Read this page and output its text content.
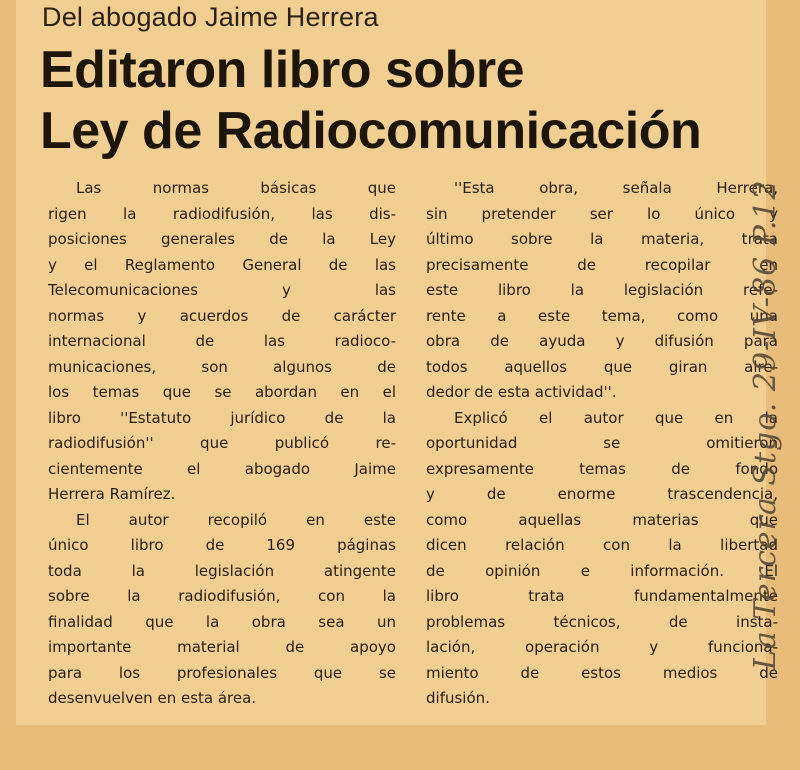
Del abogado Jaime Herrera
Editaron libro sobre
Ley de Radiocomunicación

Las normas básicas que

rigen la radiodifusión, las dis-

posiciones generales de la Ley

y el Reglamento General de las

Telecomunicaciones y las

normas y acuerdos de carácter

internacional de las radioco-

municaciones, son algunos de

los temas que se abordan en el

libro ''Estatuto jurídico de la

radiodifusión'' que publicó re-

cientemente el abogado Jaime

Herrera Ramírez.

El autor recopiló en este

único libro de 169 páginas

toda la legislación atingente

sobre la radiodifusión, con la

finalidad que la obra sea un

importante material de apoyo

para los profesionales que se

desenvuelven en esta área.

''Esta obra, señala Herrera,

sin pretender ser lo único y

último sobre la materia, trata

precisamente de recopilar en

este libro la legislación refe-

rente a este tema, como una

obra de ayuda y difusión para

todos aquellos que giran alre-

dedor de esta actividad''.

Explicó el autor que en la

oportunidad se omitieron

expresamente temas de fondo

y de enorme trascendencia,

como aquellas materias que

dicen relación con la libertad

de opinión e información. El

libro trata fundamentalmente

problemas técnicos, de insta-

lación, operación y funciona-

miento de estos medios de

difusión.

La Tercera Stgo. 29-IV-86 P.12
